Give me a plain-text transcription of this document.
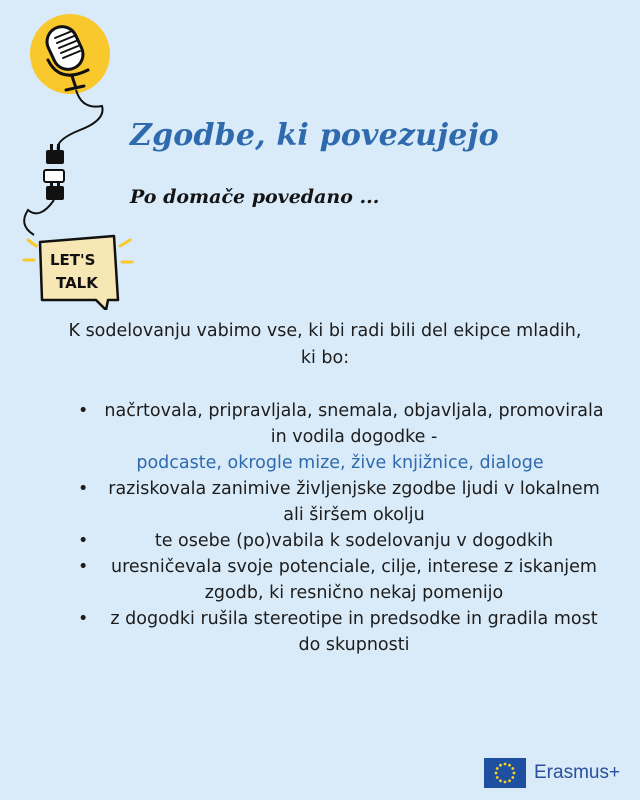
LET'S
TALK
Zgodbe, ki povezujejo
Po domače povedano ...

K sodelovanju vabimo vse, ki bi radi bili del ekipce mladih, ki bo:

• načrtovala, pripravljala, snemala, objavljala, promovirala in vodila dogodke -
podcaste, okrogle mize, žive knjižnice, dialoge
• raziskovala zanimive življenjske zgodbe ljudi v lokalnem ali širšem okolju
•	te osebe (po)vabila k sodelovanju v dogodkih
• uresničevala svoje potenciale, cilje, interese z iskanjem zgodb, ki resnično nekaj pomenijo
• z dogodki rušila stereotipe in predsodke in gradila most do skupnosti
Erasmus+
